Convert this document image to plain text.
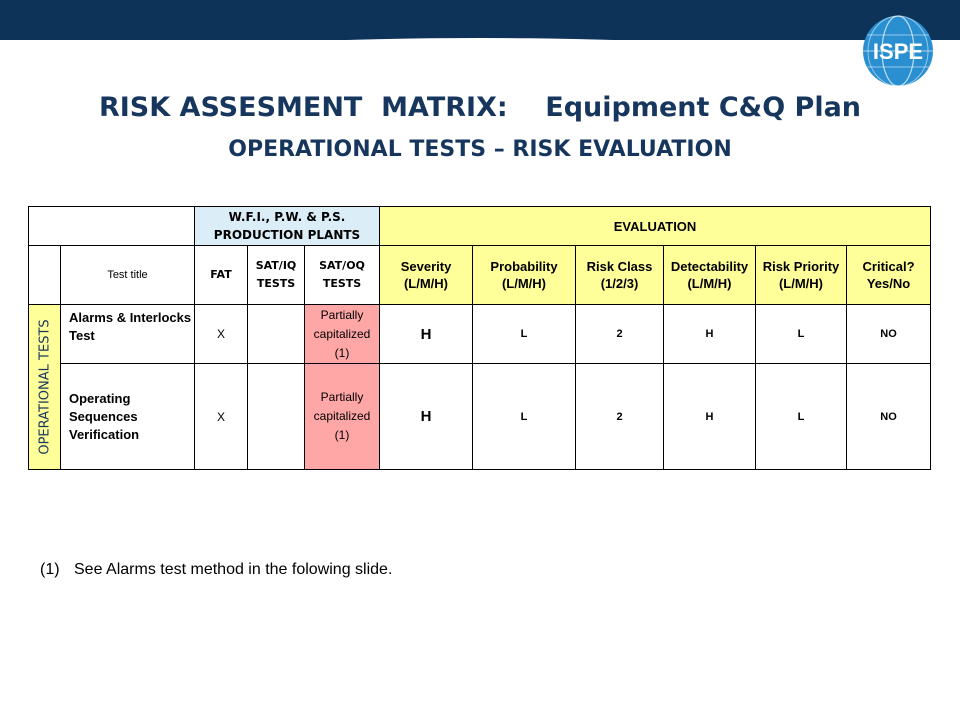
ISPE
RISK ASSESMENT  MATRIX:    Equipment C&Q Plan
OPERATIONAL TESTS – RISK EVALUATION
		W.F.I., P.W. & P.S. PRODUCTION PLANTS			EVALUATION					
	Test title	FAT	SAT/IQ TESTS	SAT/OQ TESTS	Severity (L/M/H)	Probability (L/M/H)	Risk Class (1/2/3)	Detectability (L/M/H)	Risk Priority (L/M/H)	Critical? Yes/No

OPERATIONAL TESTS	Alarms & Interlocks Test	X		Partially capitalized (1)	H	L	2	H	L	NO
	Operating Sequences Verification	X		Partially capitalized (1)	H	L	2	H	L	NO
(1) See Alarms test method in the folowing slide.
